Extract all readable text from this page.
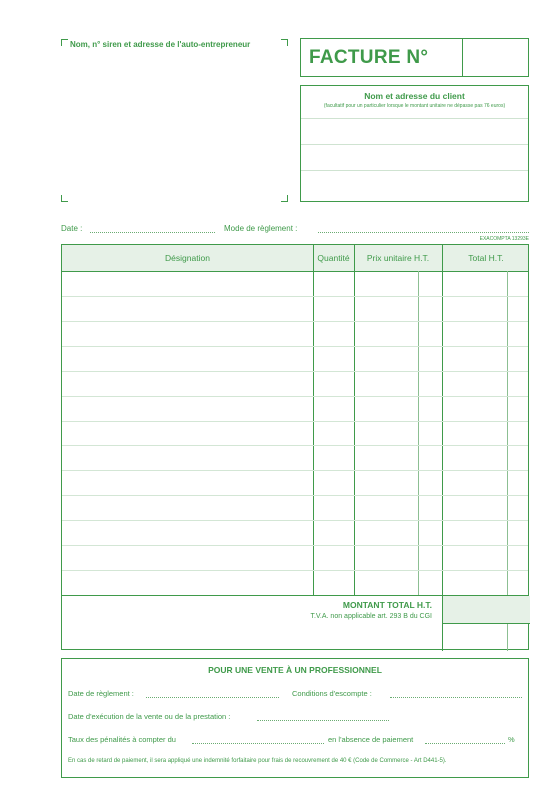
Nom, n° siren et adresse de l'auto-entrepreneur
FACTURE N°
Nom et adresse du client
(facultatif pour un particulier lorsque le montant unitaire ne dépasse pas 76 euros)
Date :	Mode de règlement :
EXACOMPTA 13293E
Désignation	Quantité	Prix unitaire H.T.	Total H.T.
MONTANT TOTAL H.T.
T.V.A. non applicable art. 293 B du CGI
POUR UNE VENTE À UN PROFESSIONNEL
Date de règlement :	Conditions d'escompte :
Date d'exécution de la vente ou de la prestation :
Taux des pénalités à compter du	en l'absence de paiement	%
En cas de retard de paiement, il sera appliqué une indemnité forfaitaire pour frais de recouvrement de 40 € (Code de Commerce - Art D441-5).
